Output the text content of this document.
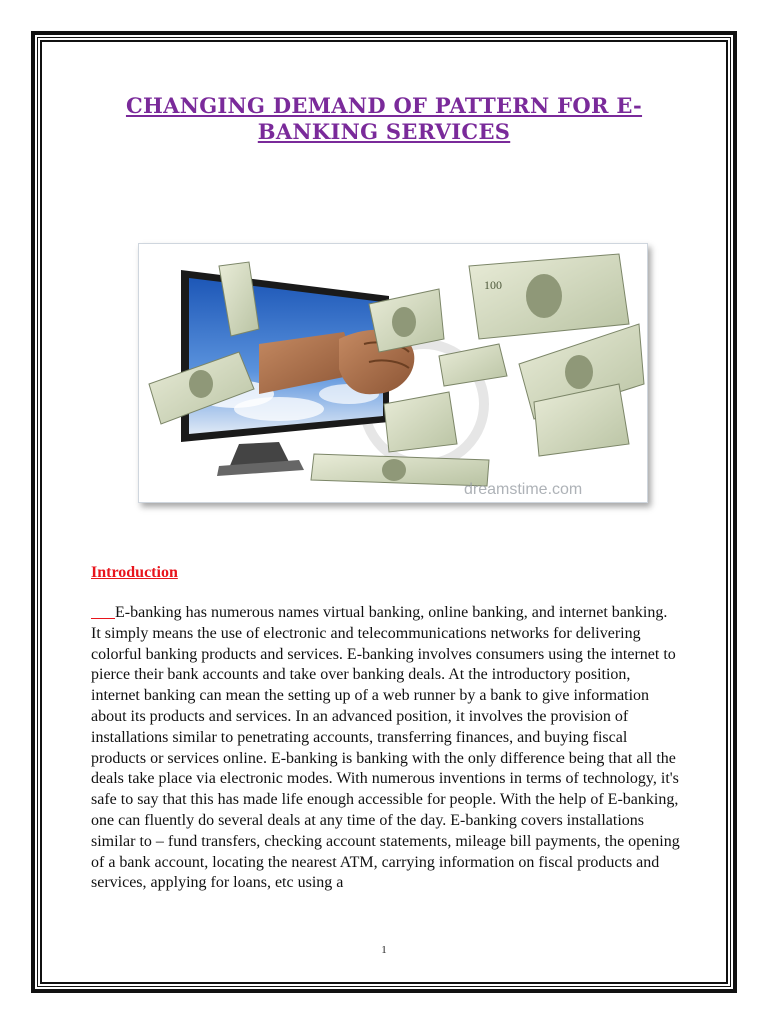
CHANGING DEMAND OF PATTERN FOR E-BANKING SERVICES
100
dreamstime.com
Introduction

E-banking has numerous names virtual banking, online banking, and internet banking. It simply means the use of electronic and telecommunications networks for delivering colorful banking products and services. E-banking involves consumers using the internet to pierce their bank accounts and take over banking deals. At the introductory position, internet banking can mean the setting up of a web runner by a bank to give information about its products and services. In an advanced position, it involves the provision of installations similar to penetrating accounts, transferring finances, and buying fiscal products or services online. E-banking is banking with the only difference being that all the deals take place via electronic modes. With numerous inventions in terms of technology, it's safe to say that this has made life enough accessible for people. With the help of E-banking, one can fluently do several deals at any time of the day. E-banking covers installations similar to – fund transfers, checking account statements, mileage bill payments, the opening of a bank account, locating the nearest ATM, carrying information on fiscal products and services, applying for loans, etc using a

1
